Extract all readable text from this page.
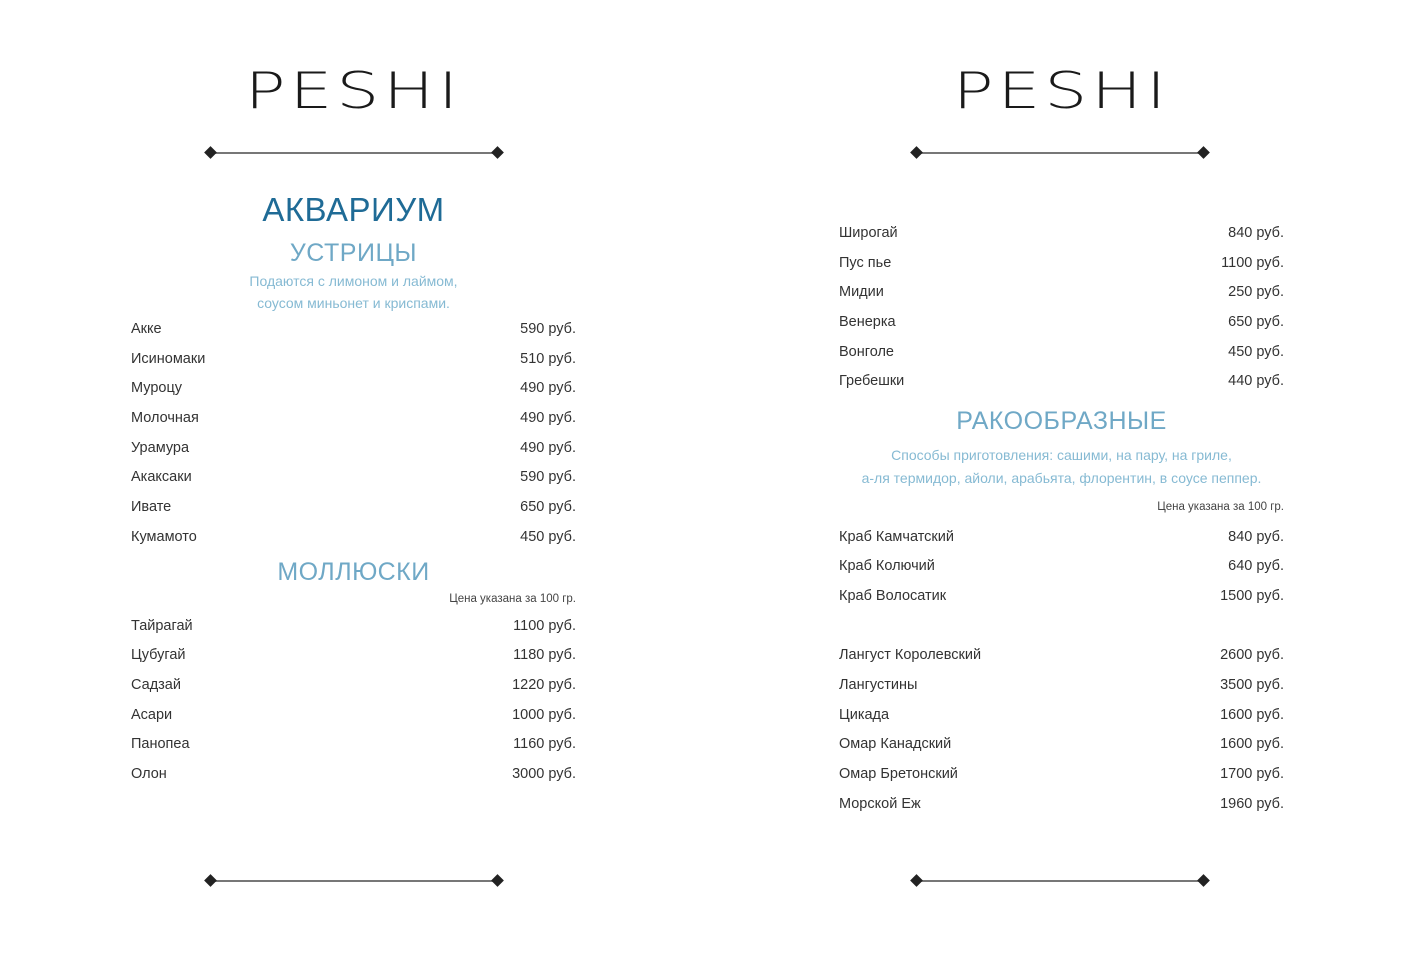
PESHI
АКВАРИУМ
УСТРИЦЫ
Подаются с лимоном и лаймом,
соусом миньонет и криспами.
Акке	590 руб.
Исиномаки	510 руб.
Муроцу	490 руб.
Молочная	490 руб.
Урамура	490 руб.
Акаксаки	590 руб.
Ивате	650 руб.
Кумамото	450 руб.
МОЛЛЮСКИ
Цена указана за 100 гр.
Тайрагай	1100 руб.
Цубугай	1180 руб.
Садзай	1220 руб.
Асари	1000 руб.
Панопеа	1160 руб.
Олон	3000 руб.
PESHI
Широгай	840 руб.
Пус пье	1100 руб.
Мидии	250 руб.
Венерка	650 руб.
Вонголе	450 руб.
Гребешки	440 руб.
РАКООБРАЗНЫЕ
Способы приготовления: сашими, на пару, на гриле,
а-ля термидор, айоли, арабьята, флорентин, в соусе пеппер.
Цена указана за 100 гр.
Краб Камчатский	840 руб.
Краб Колючий	640 руб.
Краб Волосатик	1500 руб.
Лангуст Королевский	2600 руб.
Лангустины	3500 руб.
Цикада	1600 руб.
Омар Канадский	1600 руб.
Омар Бретонский	1700 руб.
Морской Еж	1960 руб.
